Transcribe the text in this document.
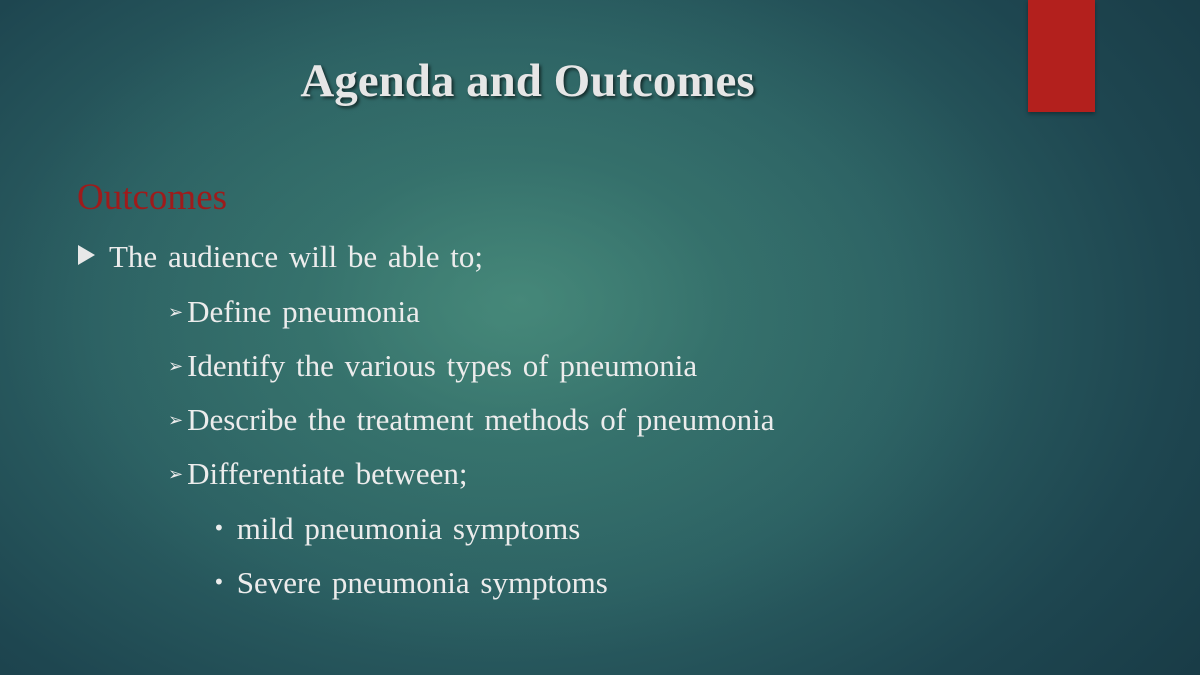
Agenda and Outcomes
Outcomes
The audience will be able to;
➢ Define pneumonia
➢ Identify the various types of pneumonia
➢ Describe the treatment methods of pneumonia
➢ Differentiate between;
• mild pneumonia symptoms
• Severe pneumonia symptoms
